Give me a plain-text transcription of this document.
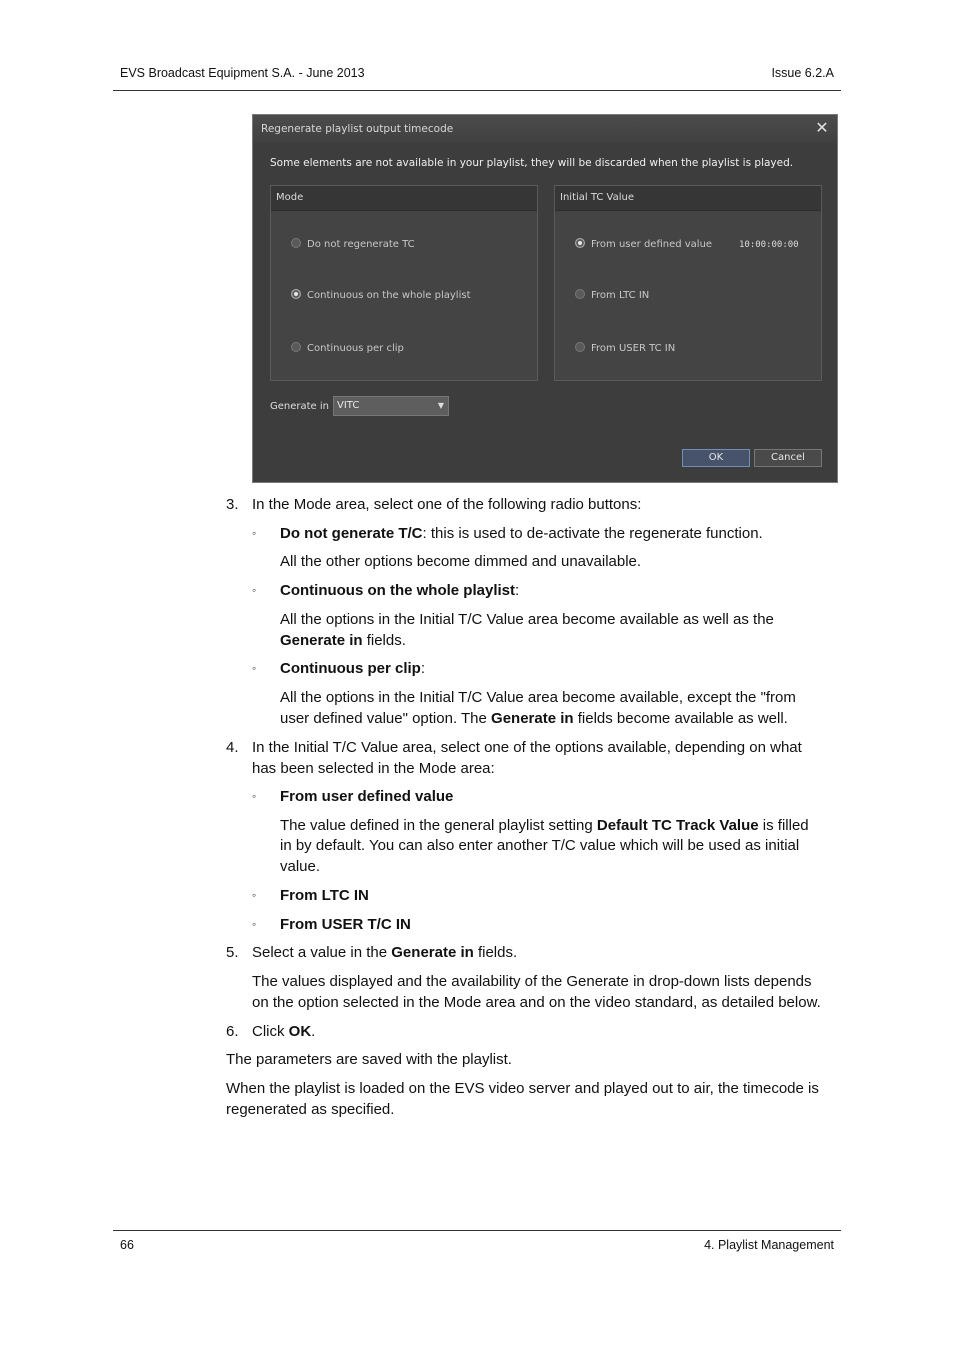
EVS Broadcast Equipment S.A. - June 2013	Issue 6.2.A
Regenerate playlist output timecode	✕
Some elements are not available in your playlist, they will be discarded when the playlist is played.
Mode
Do not regenerate TC
Continuous on the whole playlist
Continuous per clip
Initial TC Value
From user defined value	10:00:00:00
From LTC IN
From USER TC IN
Generate in VITC	▼
OK	Cancel
3. In the Mode area, select one of the following radio buttons:
◦ Do not generate T/C: this is used to de-activate the regenerate function.
All the other options become dimmed and unavailable.
◦ Continuous on the whole playlist:
All the options in the Initial T/C Value area become available as well as the
Generate in fields.
◦ Continuous per clip:
All the options in the Initial T/C Value area become available, except the "from
user defined value" option. The Generate in fields become available as well.
4. In the Initial T/C Value area, select one of the options available, depending on what
has been selected in the Mode area:
◦ From user defined value
The value defined in the general playlist setting Default TC Track Value is filled
in by default. You can also enter another T/C value which will be used as initial
value.
◦ From LTC IN
◦ From USER T/C IN
5. Select a value in the Generate in fields.
The values displayed and the availability of the Generate in drop-down lists depends
on the option selected in the Mode area and on the video standard, as detailed below.
6. Click OK.
The parameters are saved with the playlist.
When the playlist is loaded on the EVS video server and played out to air, the timecode is
regenerated as specified.
66	4. Playlist Management
